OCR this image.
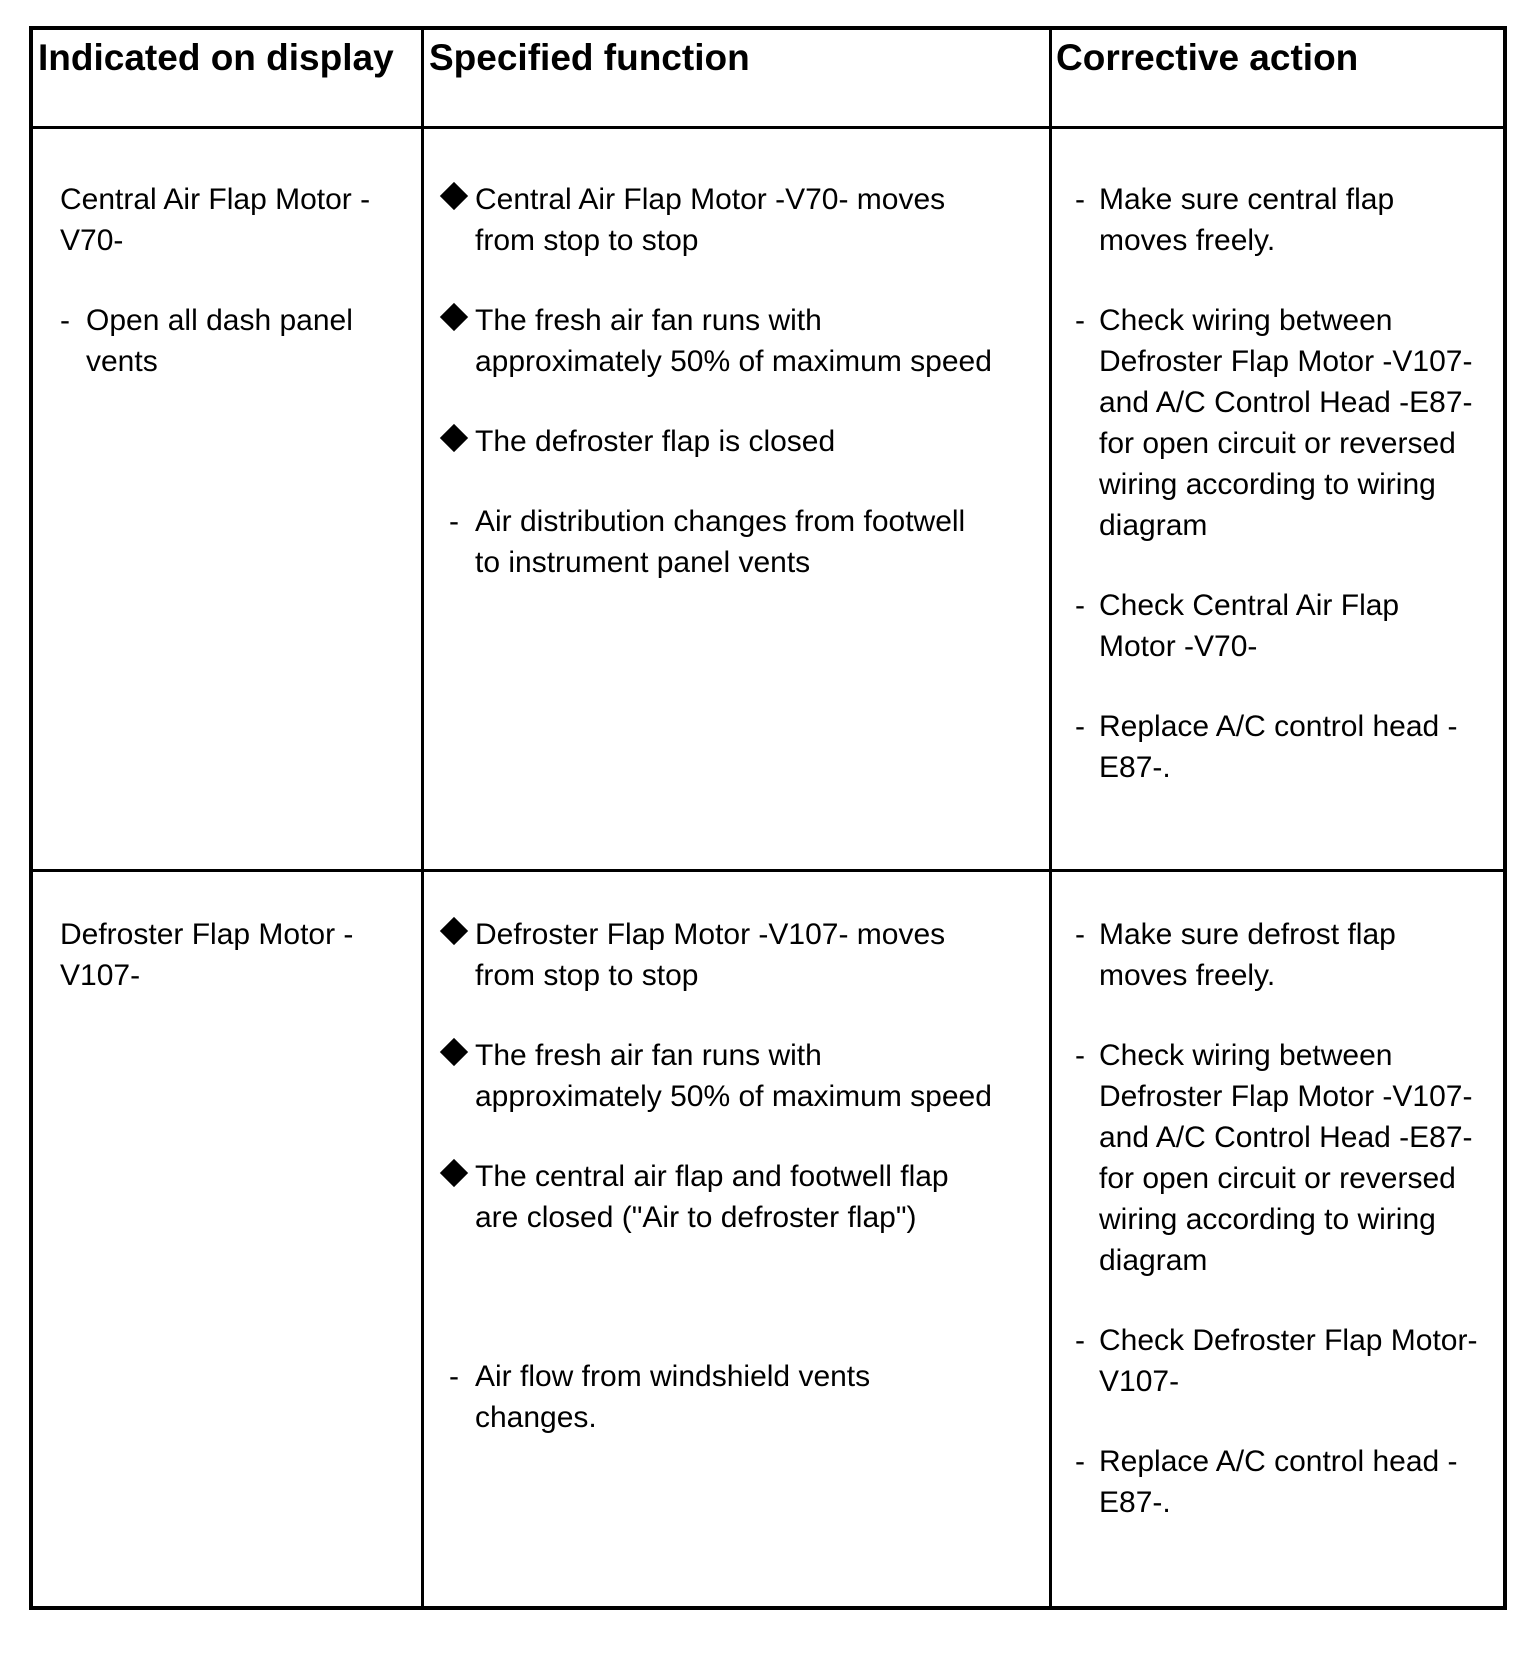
Indicated on display Specified function	Corrective action
Central Air Flap Motor -V70-
- Open all dash panel vents
Central Air Flap Motor -V70- moves from stop to stop
The fresh air fan runs with approximately 50% of maximum speed
The defroster flap is closed
- Air distribution changes from footwell to instrument panel vents
- Make sure central flap moves freely.
- Check wiring between Defroster Flap Motor -V107-and A/C Control Head -E87- for open circuit or reversed wiring according to wiring diagram
- Check Central Air Flap Motor -V70-
- Replace A/C control head -E87-.
Defroster Flap Motor -V107-
Defroster Flap Motor -V107- moves from stop to stop
The fresh air fan runs with approximately 50% of maximum speed
The central air flap and footwell flap are closed ("Air to defroster flap")
- Air flow from windshield vents changes.
- Make sure defrost flap moves freely.
- Check wiring between Defroster Flap Motor -V107-and A/C Control Head -E87- for open circuit or reversed wiring according to wiring diagram
- Check Defroster Flap Motor-V107-
- Replace A/C control head -E87-.
